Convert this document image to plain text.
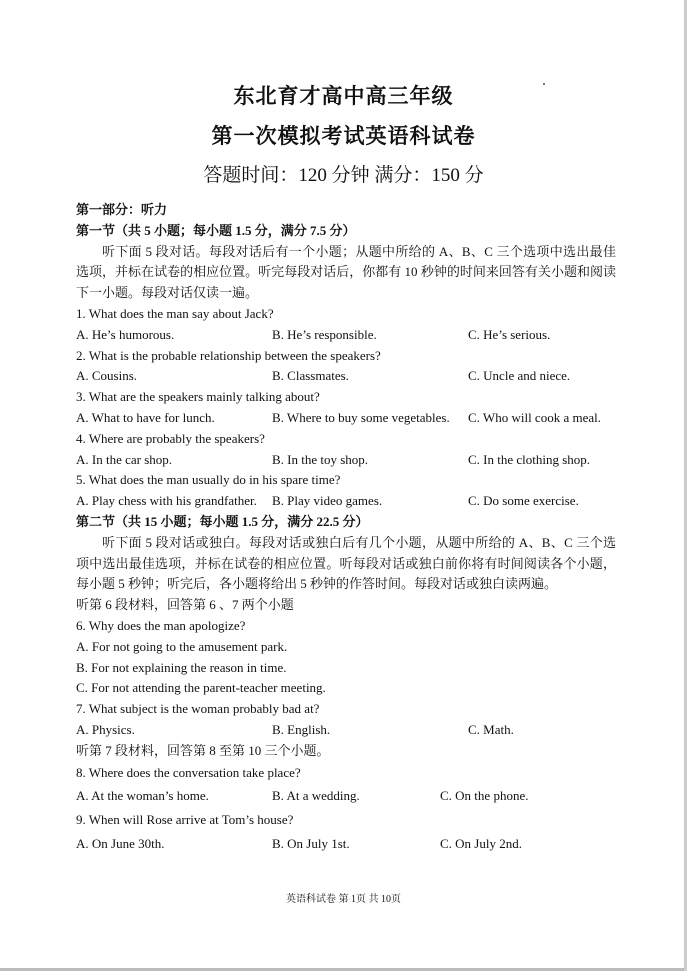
东北育才高中高三年级
第一次模拟考试英语科试卷
答题时间：120 分钟 满分：150 分
第一部分：听力
第一节（共 5 小题；每小题 1.5 分，满分 7.5 分）
听下面 5 段对话。每段对话后有一个小题；从题中所给的 A、B、C 三个选项中选出最佳选项，并标在试卷的相应位置。听完每段对话后，你都有 10 秒钟的时间来回答有关小题和阅读下一小题。每段对话仅读一遍。
1. What does the man say about Jack?
A. He’s humorous.	B. He’s responsible.	C. He’s serious.
2. What is the probable relationship between the speakers?
A. Cousins.	B. Classmates.	C. Uncle and niece.
3. What are the speakers mainly talking about?
A. What to have for lunch.	B. Where to buy some vegetables. C. Who will cook a meal.
4. Where are probably the speakers?
A. In the car shop.	B. In the toy shop.	C. In the clothing shop.
5. What does the man usually do in his spare time?
A. Play chess with his grandfather. B. Play video games.	C. Do some exercise.
第二节（共 15 小题；每小题 1.5 分，满分 22.5 分）
听下面 5 段对话或独白。每段对话或独白后有几个小题，从题中所给的 A、B、C 三个选项中选出最佳选项，并标在试卷的相应位置。听每段对话或独白前你将有时间阅读各个小题，每小题 5 秒钟；听完后，各小题将给出 5 秒钟的作答时间。每段对话或独白读两遍。
听第 6 段材料，回答第 6 、7 两个小题
6. Why does the man apologize?
A. For not going to the amusement park.
B. For not explaining the reason in time.
C. For not attending the parent-teacher meeting.
7. What subject is the woman probably bad at?
A. Physics.	B. English.	C. Math.
听第 7 段材料，回答第 8 至第 10 三个小题。
8. Where does the conversation take place?
A. At the woman’s home.	B. At a wedding.	C. On the phone.
9. When will Rose arrive at Tom’s house?
A. On June 30th.	B. On July 1st.	C. On July 2nd.
英语科试卷 第 1页 共 10页
